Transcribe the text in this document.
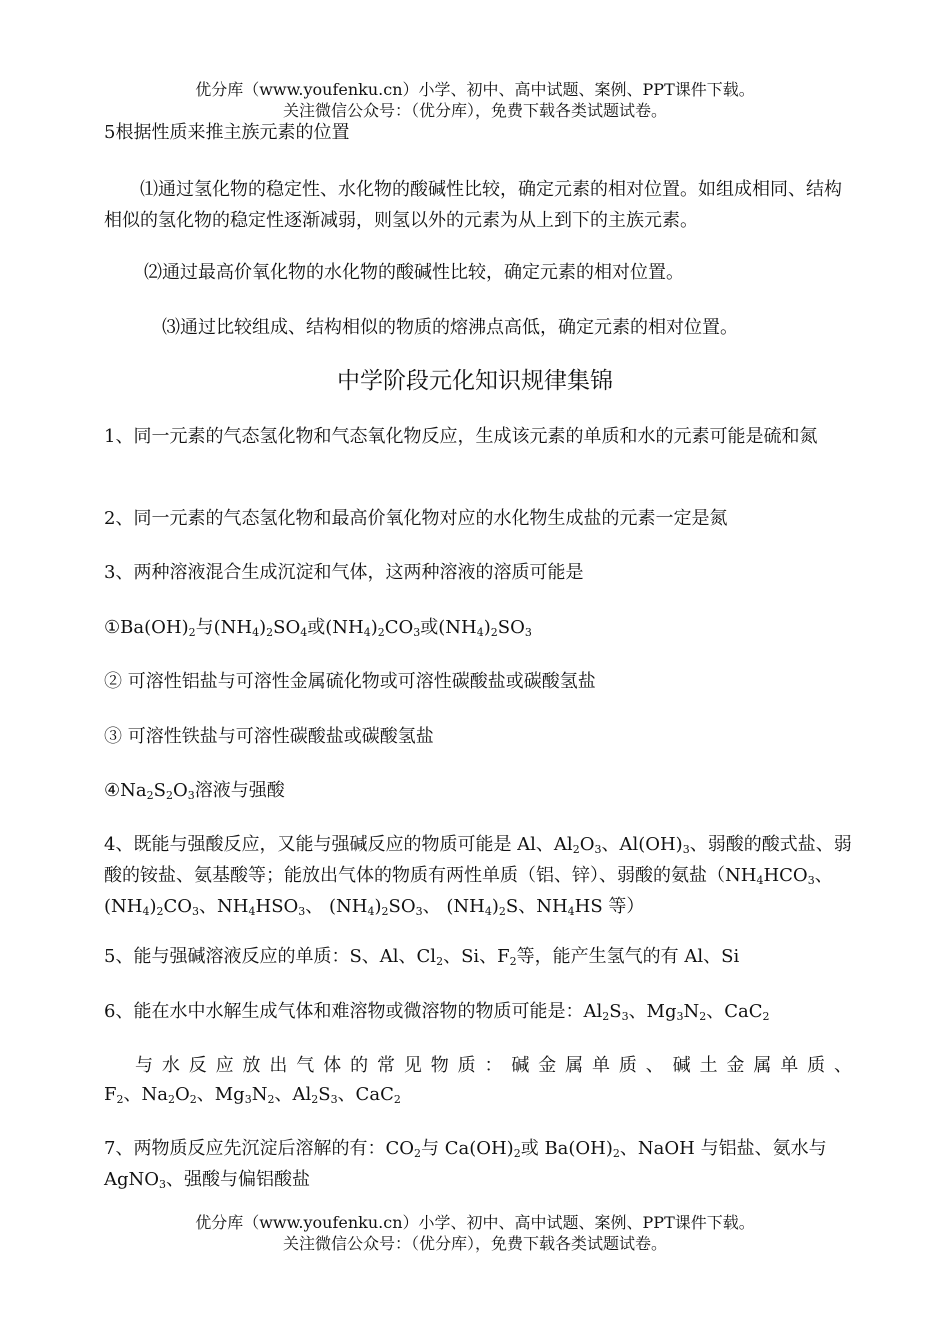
优分库（www.youfenku.cn）小学、初中、高中试题、案例、PPT课件下载。
关注微信公众号：（优分库），免费下载各类试题试卷。
5根据性质来推主族元素的位置
⑴通过氢化物的稳定性、水化物的酸碱性比较，确定元素的相对位置。如组成相同、结构相似的氢化物的稳定性逐渐减弱，则氢以外的元素为从上到下的主族元素。
⑵通过最高价氧化物的水化物的酸碱性比较，确定元素的相对位置。
⑶通过比较组成、结构相似的物质的熔沸点高低，确定元素的相对位置。
中学阶段元化知识规律集锦
1、同一元素的气态氢化物和气态氧化物反应，生成该元素的单质和水的元素可能是硫和氮
2、同一元素的气态氢化物和最高价氧化物对应的水化物生成盐的元素一定是氮
3、两种溶液混合生成沉淀和气体，这两种溶液的溶质可能是
$①Ba(OH)_2$与$(NH_4)_2SO_4$或$(NH_4)_2CO_3$或$(NH_4)_2SO_3$
② 可溶性铝盐与可溶性金属硫化物或可溶性碳酸盐或碳酸氢盐
③ 可溶性铁盐与可溶性碳酸盐或碳酸氢盐
$④Na_2S_2O_3$溶液与强酸
4、既能与强酸反应，又能与强碱反应的物质可能是 Al、$Al_2O_3$、$Al(OH)_3$、弱酸的酸式盐、弱酸的铵盐、氨基酸等；能放出气体的物质有两性单质（铝、锌）、弱酸的氨盐（$NH_4HCO_3$、$(NH_4)_2CO_3$、$NH_4HSO_3$、 $(NH_4)_2SO_3$、 $(NH_4)_2S$、$NH_4HS$ 等）
5、能与强碱溶液反应的单质：S、Al、$Cl_2$、Si、$F_2$等，能产生氢气的有 Al、Si
6、能在水中水解生成气体和难溶物或微溶物的物质可能是：$Al_2S_3$、$Mg_3N_2$、CaC$_2$
与水反应放出气体的常见物质：碱金属单质、碱土金属单质、
$F_2$、$Na_2O_2$、$Mg_3N_2$、$Al_2S_3$、CaC$_2$
7、两物质反应先沉淀后溶解的有：$CO_2$与 $Ca(OH)_2$或 $Ba(OH)_2$、NaOH 与铝盐、氨水与 AgNO$_3$、强酸与偏铝酸盐
优分库（www.youfenku.cn）小学、初中、高中试题、案例、PPT课件下载。
关注微信公众号：（优分库），免费下载各类试题试卷。
